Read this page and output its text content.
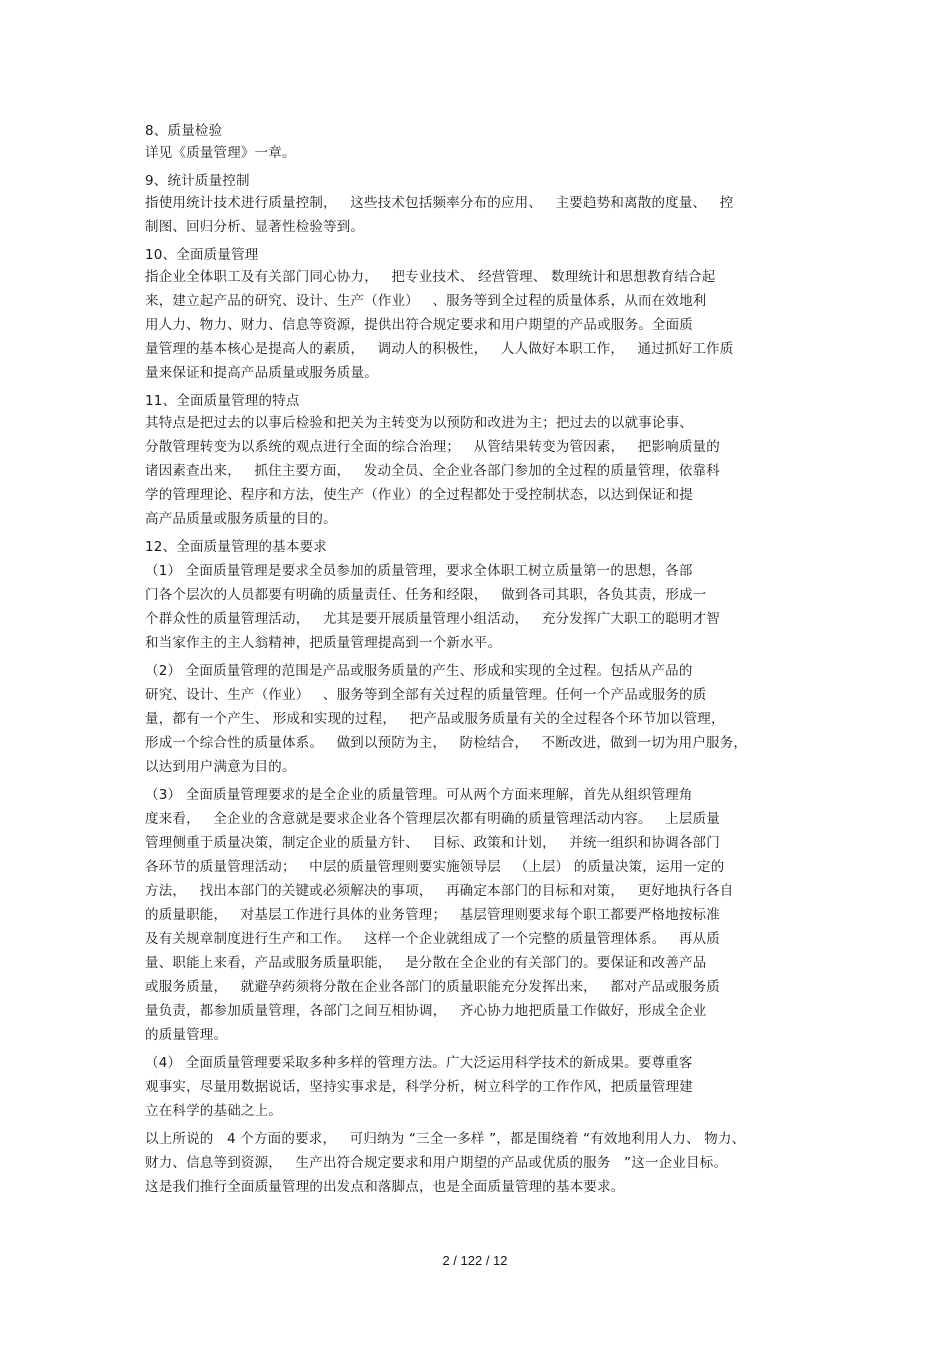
8、质量检验
详见《质量管理》一章。
9、统计质量控制
指使用统计技术进行质量控制，   这些技术包括频率分布的应用、   主要趋势和离散的度量、   控
制图、回归分析、显著性检验等到。
10、全面质量管理
指企业全体职工及有关部门同心协力，   把专业技术、 经营管理、 数理统计和思想教育结合起
来，建立起产品的研究、设计、生产（作业）   、服务等到全过程的质量体系，从而在效地利
用人力、物力、财力、信息等资源，提供出符合规定要求和用户期望的产品或服务。全面质
量管理的基本核心是提高人的素质，   调动人的积极性，   人人做好本职工作，   通过抓好工作质
量来保证和提高产品质量或服务质量。
11、全面质量管理的特点
其特点是把过去的以事后检验和把关为主转变为以预防和改进为主；把过去的以就事论事、
分散管理转变为以系统的观点进行全面的综合治理；   从管结果转变为管因素，   把影响质量的
诸因素查出来，   抓住主要方面，   发动全员、全企业各部门参加的全过程的质量管理，依靠科
学的管理理论、程序和方法，使生产（作业）的全过程都处于受控制状态，以达到保证和提
高产品质量或服务质量的目的。
12、全面质量管理的基本要求
（1） 全面质量管理是要求全员参加的质量管理，要求全体职工树立质量第一的思想，各部
门各个层次的人员都要有明确的质量责任、任务和经限，   做到各司其职，各负其责，形成一
个群众性的质量管理活动，   尤其是要开展质量管理小组活动，   充分发挥广大职工的聪明才智
和当家作主的主人翁精神，把质量管理提高到一个新水平。
（2） 全面质量管理的范围是产品或服务质量的产生、形成和实现的全过程。包括从产品的
研究、设计、生产（作业）   、服务等到全部有关过程的质量管理。任何一个产品或服务的质
量，都有一个产生、 形成和实现的过程，   把产品或服务质量有关的全过程各个环节加以管理，
形成一个综合性的质量体系。   做到以预防为主，   防检结合，   不断改进，做到一切为用户服务，
以达到用户满意为目的。
（3） 全面质量管理要求的是全企业的质量管理。可从两个方面来理解，首先从组织管理角
度来看，   全企业的含意就是要求企业各个管理层次都有明确的质量管理活动内容。   上层质量
管理侧重于质量决策，制定企业的质量方针、   目标、政策和计划，   并统一组织和协调各部门
各环节的质量管理活动；   中层的质量管理则要实施领导层   （上层） 的质量决策，运用一定的
方法，   找出本部门的关键或必须解决的事项，   再确定本部门的目标和对策，   更好地执行各自
的质量职能，   对基层工作进行具体的业务管理；   基层管理则要求每个职工都要严格地按标准
及有关规章制度进行生产和工作。   这样一个企业就组成了一个完整的质量管理体系。   再从质
量、职能上来看，产品或服务质量职能，   是分散在全企业的有关部门的。要保证和改善产品
或服务质量，   就避孕药须将分散在企业各部门的质量职能充分发挥出来，   都对产品或服务质
量负责，都参加质量管理，各部门之间互相协调，   齐心协力地把质量工作做好，形成全企业
的质量管理。
（4） 全面质量管理要采取多种多样的管理方法。广大泛运用科学技术的新成果。要尊重客
观事实，尽量用数据说话，坚持实事求是，科学分析，树立科学的工作作风，把质量管理建
立在科学的基础之上。
以上所说的   4 个方面的要求，   可归纳为 “三全一多样 ”，都是围绕着 “有效地利用人力、 物力、
财力、信息等到资源，   生产出符合规定要求和用户期望的产品或优质的服务   ”这一企业目标。
这是我们推行全面质量管理的出发点和落脚点，也是全面质量管理的基本要求。
2 / 122 / 12
